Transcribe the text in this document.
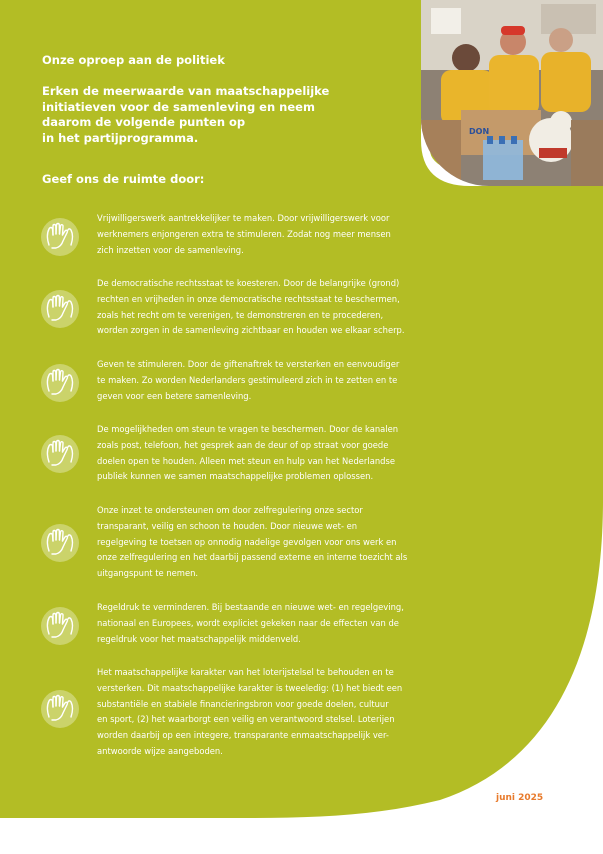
DON
Onze oproep aan de politiek
Erken de meerwaarde van maatschappelijke
initiatieven voor de samenleving en neem
daarom de volgende punten op
in het partijprogramma.
Geef ons de ruimte door:
Vrijwilligerswerk aantrekkelijker te maken. Door vrijwilligerswerk voor
werknemers enjongeren extra te stimuleren. Zodat nog meer mensen
zich inzetten voor de samenleving.
De democratische rechtsstaat te koesteren. Door de belangrijke (grond)
rechten en vrijheden in onze democratische rechtsstaat te beschermen,
zoals het recht om te verenigen, te demonstreren en te procederen,
worden zorgen in de samenleving zichtbaar en houden we elkaar scherp.
Geven te stimuleren. Door de giftenaftrek te versterken en eenvoudiger
te maken. Zo worden Nederlanders gestimuleerd zich in te zetten en te
geven voor een betere samenleving.
De mogelijkheden om steun te vragen te beschermen. Door de kanalen
zoals post, telefoon, het gesprek aan de deur of op straat voor goede
doelen open te houden. Alleen met steun en hulp van het Nederlandse
publiek kunnen we samen maatschappelijke problemen oplossen.
Onze inzet te ondersteunen om door zelfregulering onze sector
transparant, veilig en schoon te houden. Door nieuwe wet- en
regelgeving te toetsen op onnodig nadelige gevolgen voor ons werk en
onze zelfregulering en het daarbij passend externe en interne toezicht als
uitgangspunt te nemen.
Regeldruk te verminderen. Bij bestaande en nieuwe wet- en regelgeving,
nationaal en Europees, wordt expliciet gekeken naar de effecten van de
regeldruk voor het maatschappelijk middenveld.
Het maatschappelijke karakter van het loterijstelsel te behouden en te
versterken. Dit maatschappelijke karakter is tweeledig: (1) het biedt een
substantiële en stabiele financieringsbron voor goede doelen, cultuur
en sport, (2) het waarborgt een veilig en verantwoord stelsel. Loterijen
worden daarbij op een integere, transparante enmaatschappelijk ver-
antwoorde wijze aangeboden.
juni 2025
